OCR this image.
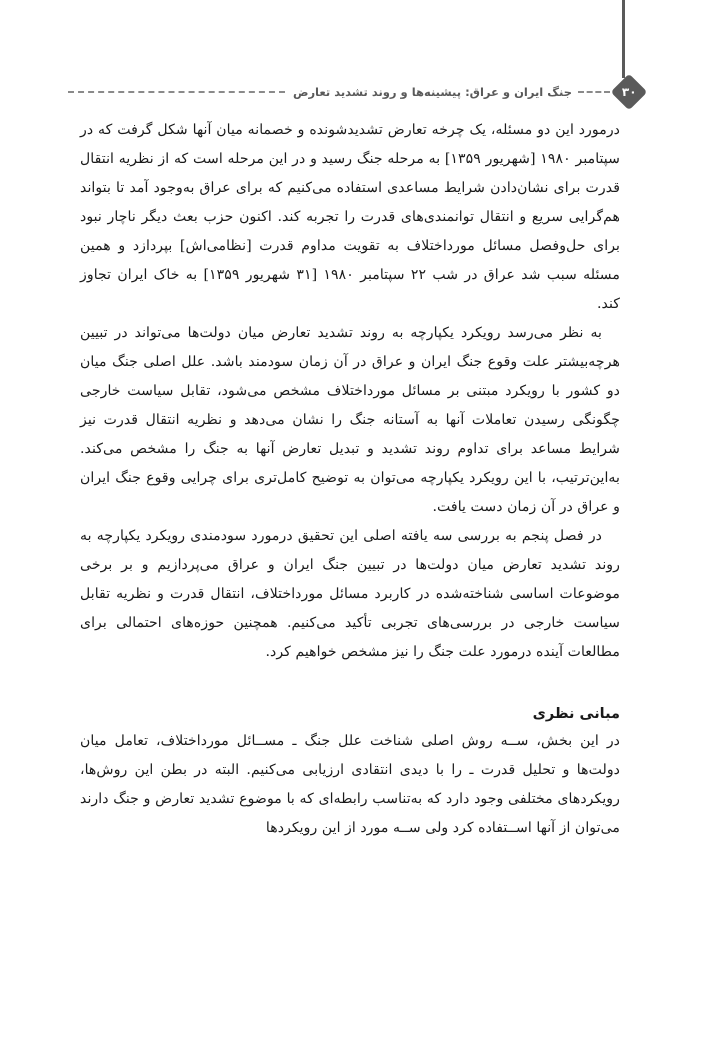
۳۰
جنگ ایران و عراق: پیشینه‌ها و روند تشدید تعارض

درمورد این دو مسئله، یک چرخه تعارض تشدیدشونده و خصمانه میان آنها شکل گرفت که در سپتامبر ۱۹۸۰ [شهریور ۱۳۵۹] به مرحله جنگ رسید و در این مرحله است که از نظریه انتقال قدرت برای نشان‌دادن شرایط مساعدی استفاده می‌کنیم که برای عراق به‌وجود آمد تا بتواند هم‌گرایی سریع و انتقال توانمندی‌های قدرت را تجربه کند. اکنون حزب بعث دیگر ناچار نبود برای حل‌وفصل مسائل مورداختلاف به تقویت مداوم قدرت [نظامی‌اش] بپردازد و همین مسئله سبب شد عراق در شب ۲۲ سپتامبر ۱۹۸۰ [۳۱ شهریور ۱۳۵۹] به خاک ایران تجاوز کند.

به نظر می‌رسد رویکرد یکپارچه به روند تشدید تعارض میان دولت‌ها می‌تواند در تبیین هرچه‌بیشتر علت وقوع جنگ ایران و عراق در آن زمان سودمند باشد. علل اصلی جنگ میان دو کشور با رویکرد مبتنی بر مسائل مورداختلاف مشخص می‌شود، تقابل سیاست خارجی چگونگی رسیدن تعاملات آنها به آستانه جنگ را نشان می‌دهد و نظریه انتقال قدرت نیز شرایط مساعد برای تداوم روند تشدید و تبدیل تعارض آنها به جنگ را مشخص می‌کند. به‌این‌ترتیب، با این رویکرد یکپارچه می‌توان به توضیح کامل‌تری برای چرایی وقوع جنگ ایران و عراق در آن زمان دست یافت.

در فصل پنجم به بررسی سه یافته اصلی این تحقیق درمورد سودمندی رویکرد یکپارچه به روند تشدید تعارض میان دولت‌ها در تبیین جنگ ایران و عراق می‌پردازیم و بر برخی موضوعات اساسی شناخته‌شده در کاربرد مسائل مورداختلاف، انتقال قدرت و نظریه تقابل سیاست خارجی در بررسی‌های تجربی تأکید می‌کنیم. همچنین حوزه‌های احتمالی برای مطالعات آینده درمورد علت جنگ را نیز مشخص خواهیم کرد.

مبانی نظری

در این بخش، ســه روش اصلی شناخت علل جنگ ـ مســائل مورداختلاف، تعامل میان دولت‌ها و تحلیل قدرت ـ را با دیدی انتقادی ارزیابی می‌کنیم. البته در بطن این روش‌ها، رویکردهای مختلفی وجود دارد که به‌تناسب رابطه‌ای که با موضوع تشدید تعارض و جنگ دارند می‌توان از آنها اســتفاده کرد ولی ســه مورد از این رویکردها
